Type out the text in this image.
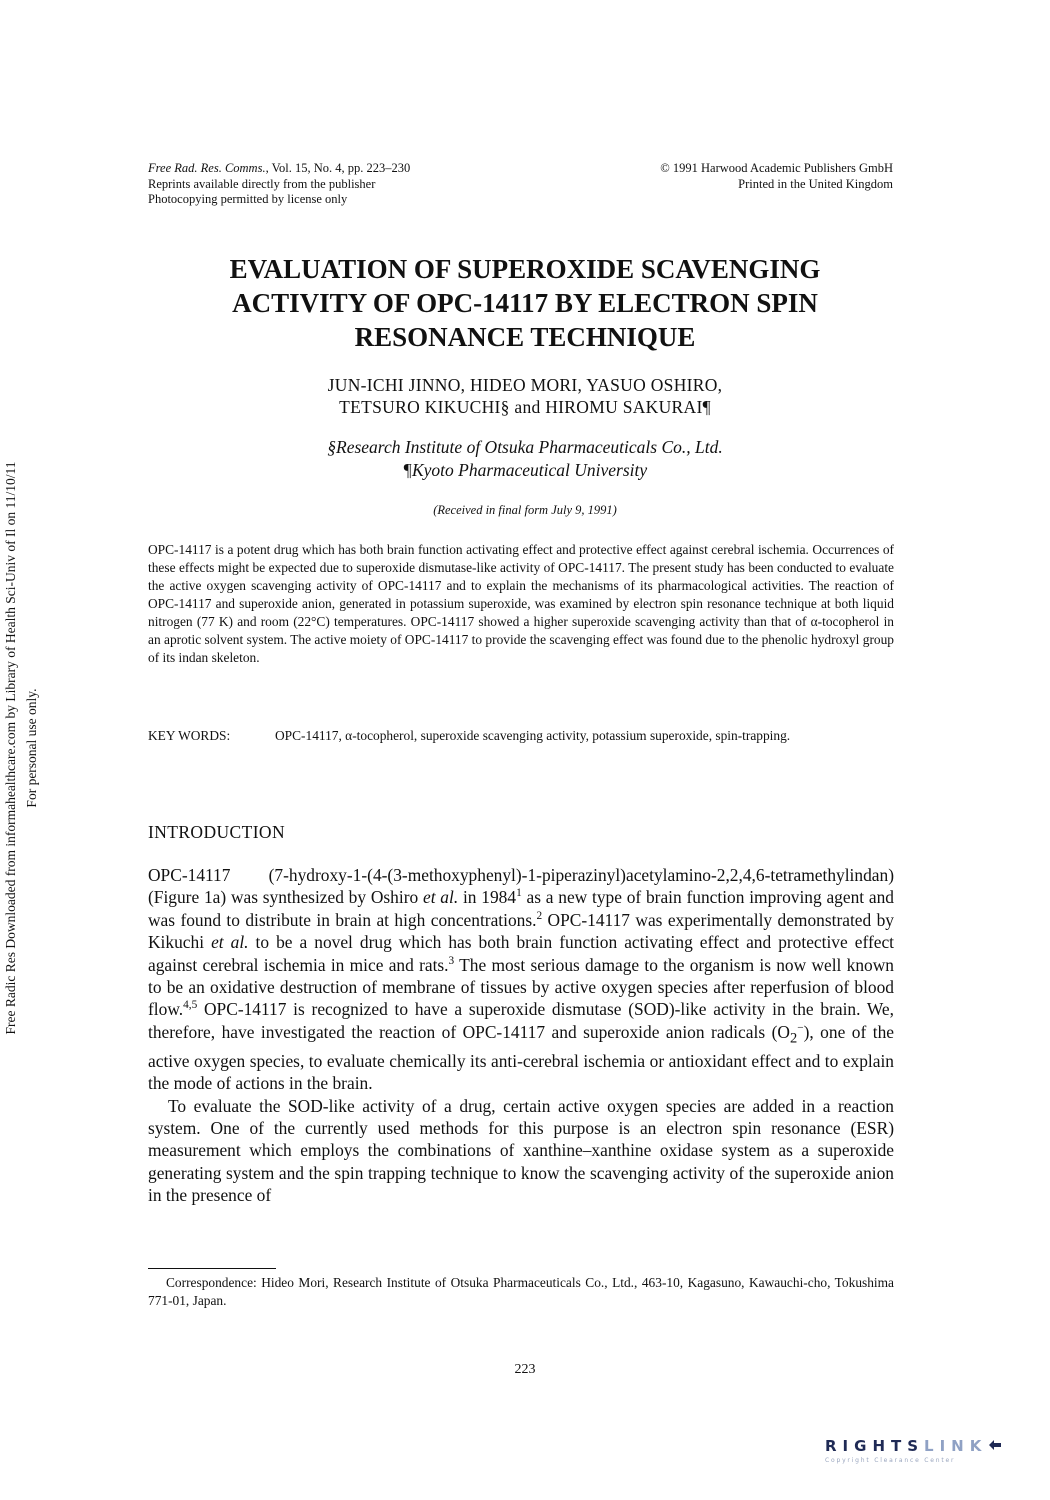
Free Radic Res Downloaded from informahealthcare.com by Library of Health Sci-Univ of Il on 11/10/11 For personal use only.
Free Rad. Res. Comms., Vol. 15, No. 4, pp. 223–230
Reprints available directly from the publisher
Photocopying permitted by license only
© 1991 Harwood Academic Publishers GmbH
Printed in the United Kingdom
EVALUATION OF SUPEROXIDE SCAVENGING
ACTIVITY OF OPC-14117 BY ELECTRON SPIN
RESONANCE TECHNIQUE
JUN-ICHI JINNO, HIDEO MORI, YASUO OSHIRO,
TETSURO KIKUCHI§ and HIROMU SAKURAI¶
§Research Institute of Otsuka Pharmaceuticals Co., Ltd.
¶Kyoto Pharmaceutical University
(Received in final form July 9, 1991)

OPC-14117 is a potent drug which has both brain function activating effect and protective effect against cerebral ischemia. Occurrences of these effects might be expected due to superoxide dismutase-like activity of OPC-14117. The present study has been conducted to evaluate the active oxygen scavenging activity of OPC-14117 and to explain the mechanisms of its pharmacological activities. The reaction of OPC-14117 and superoxide anion, generated in potassium superoxide, was examined by electron spin resonance technique at both liquid nitrogen (77 K) and room (22°C) temperatures. OPC-14117 showed a higher superoxide scavenging activity than that of α-tocopherol in an aprotic solvent system. The active moiety of OPC-14117 to provide the scavenging effect was found due to the phenolic hydroxyl group of its indan skeleton.

KEY WORDS:	OPC-14117, α-tocopherol, superoxide scavenging activity, potassium superoxide, spin-trapping.
INTRODUCTION

OPC-14117 (7-hydroxy-1-(4-(3-methoxyphenyl)-1-piperazinyl)acetylamino-2,2,4,6-tetramethylindan) (Figure 1a) was synthesized by Oshiro et al. in 1984$^1$ as a new type of brain function improving agent and was found to distribute in brain at high concentrations.$^2$ OPC-14117 was experimentally demonstrated by Kikuchi et al. to be a novel drug which has both brain function activating effect and protective effect against cerebral ischemia in mice and rats.$^3$ The most serious damage to the organism is now well known to be an oxidative destruction of membrane of tissues by active oxygen species after reperfusion of blood flow.$^{4,5}$ OPC-14117 is recognized to have a superoxide dismutase (SOD)-like activity in the brain. We, therefore, have investigated the reaction of OPC-14117 and superoxide anion radicals $(O_2^-)$, one of the active oxygen species, to evaluate chemically its anti-cerebral ischemia or antioxidant effect and to explain the mode of actions in the brain.

To evaluate the SOD-like activity of a drug, certain active oxygen species are added in a reaction system. One of the currently used methods for this purpose is an electron spin resonance (ESR) measurement which employs the combinations of xanthine–xanthine oxidase system as a superoxide generating system and the spin trapping technique to know the scavenging activity of the superoxide anion in the presence of

Correspondence: Hideo Mori, Research Institute of Otsuka Pharmaceuticals Co., Ltd., 463-10, Kagasuno, Kawauchi-cho, Tokushima 771-01, Japan.

223
RIGHTSLINK
Copyright Clearance Center
